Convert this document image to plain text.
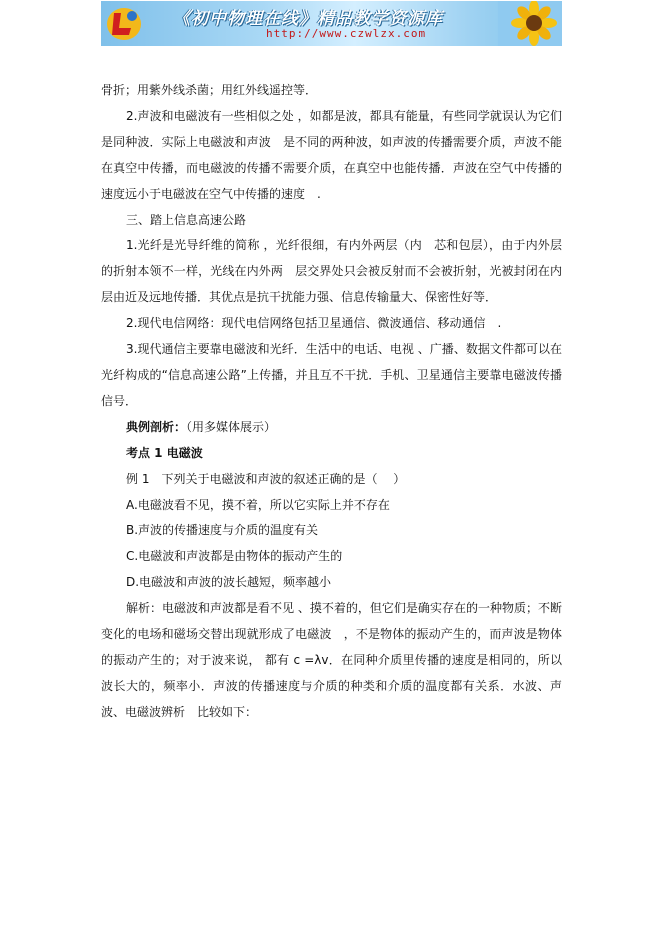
《初中物理在线》精品教学资源库
http://www.czwlzx.com

骨折；用紫外线杀菌；用红外线遥控等．

2.声波和电磁波有一些相似之处 ，如都是波，都具有能量，有些同学就误认为它们是同种波．实际上电磁波和声波　是不同的两种波，如声波的传播需要介质，声波不能在真空中传播，而电磁波的传播不需要介质，在真空中也能传播．声波在空气中传播的速度远小于电磁波在空气中传播的速度　.

三、踏上信息高速公路

1.光纤是光导纤维的简称 ，光纤很细，有内外两层（内　芯和包层），由于内外层的折射本领不一样，光线在内外两　层交界处只会被反射而不会被折射，光被封闭在内层由近及远地传播．其优点是抗干扰能力强、信息传输量大、保密性好等．

2.现代电信网络：现代电信网络包括卫星通信、微波通信、移动通信　.

3.现代通信主要靠电磁波和光纤．生活中的电话、电视 、广播、数据文件都可以在光纤构成的“信息高速公路”上传播，并且互不干扰．手机、卫星通信主要靠电磁波传播信号．

典例剖析：（用多媒体展示）

考点 1 电磁波

例 1　下列关于电磁波和声波的叙述正确的是（　 ）

A.电磁波看不见，摸不着，所以它实际上并不存在

B.声波的传播速度与介质的温度有关

C.电磁波和声波都是由物体的振动产生的

D.电磁波和声波的波长越短，频率越小

解析：电磁波和声波都是看不见 、摸不着的，但它们是确实存在的一种物质；不断变化的电场和磁场交替出现就形成了电磁波　，不是物体的振动产生的，而声波是物体的振动产生的；对于波来说， 都有 c =λv．在同种介质里传播的速度是相同的，所以波长大的，频率小．声波的传播速度与介质的种类和介质的温度都有关系．水波、声波、电磁波辨析　比较如下：
